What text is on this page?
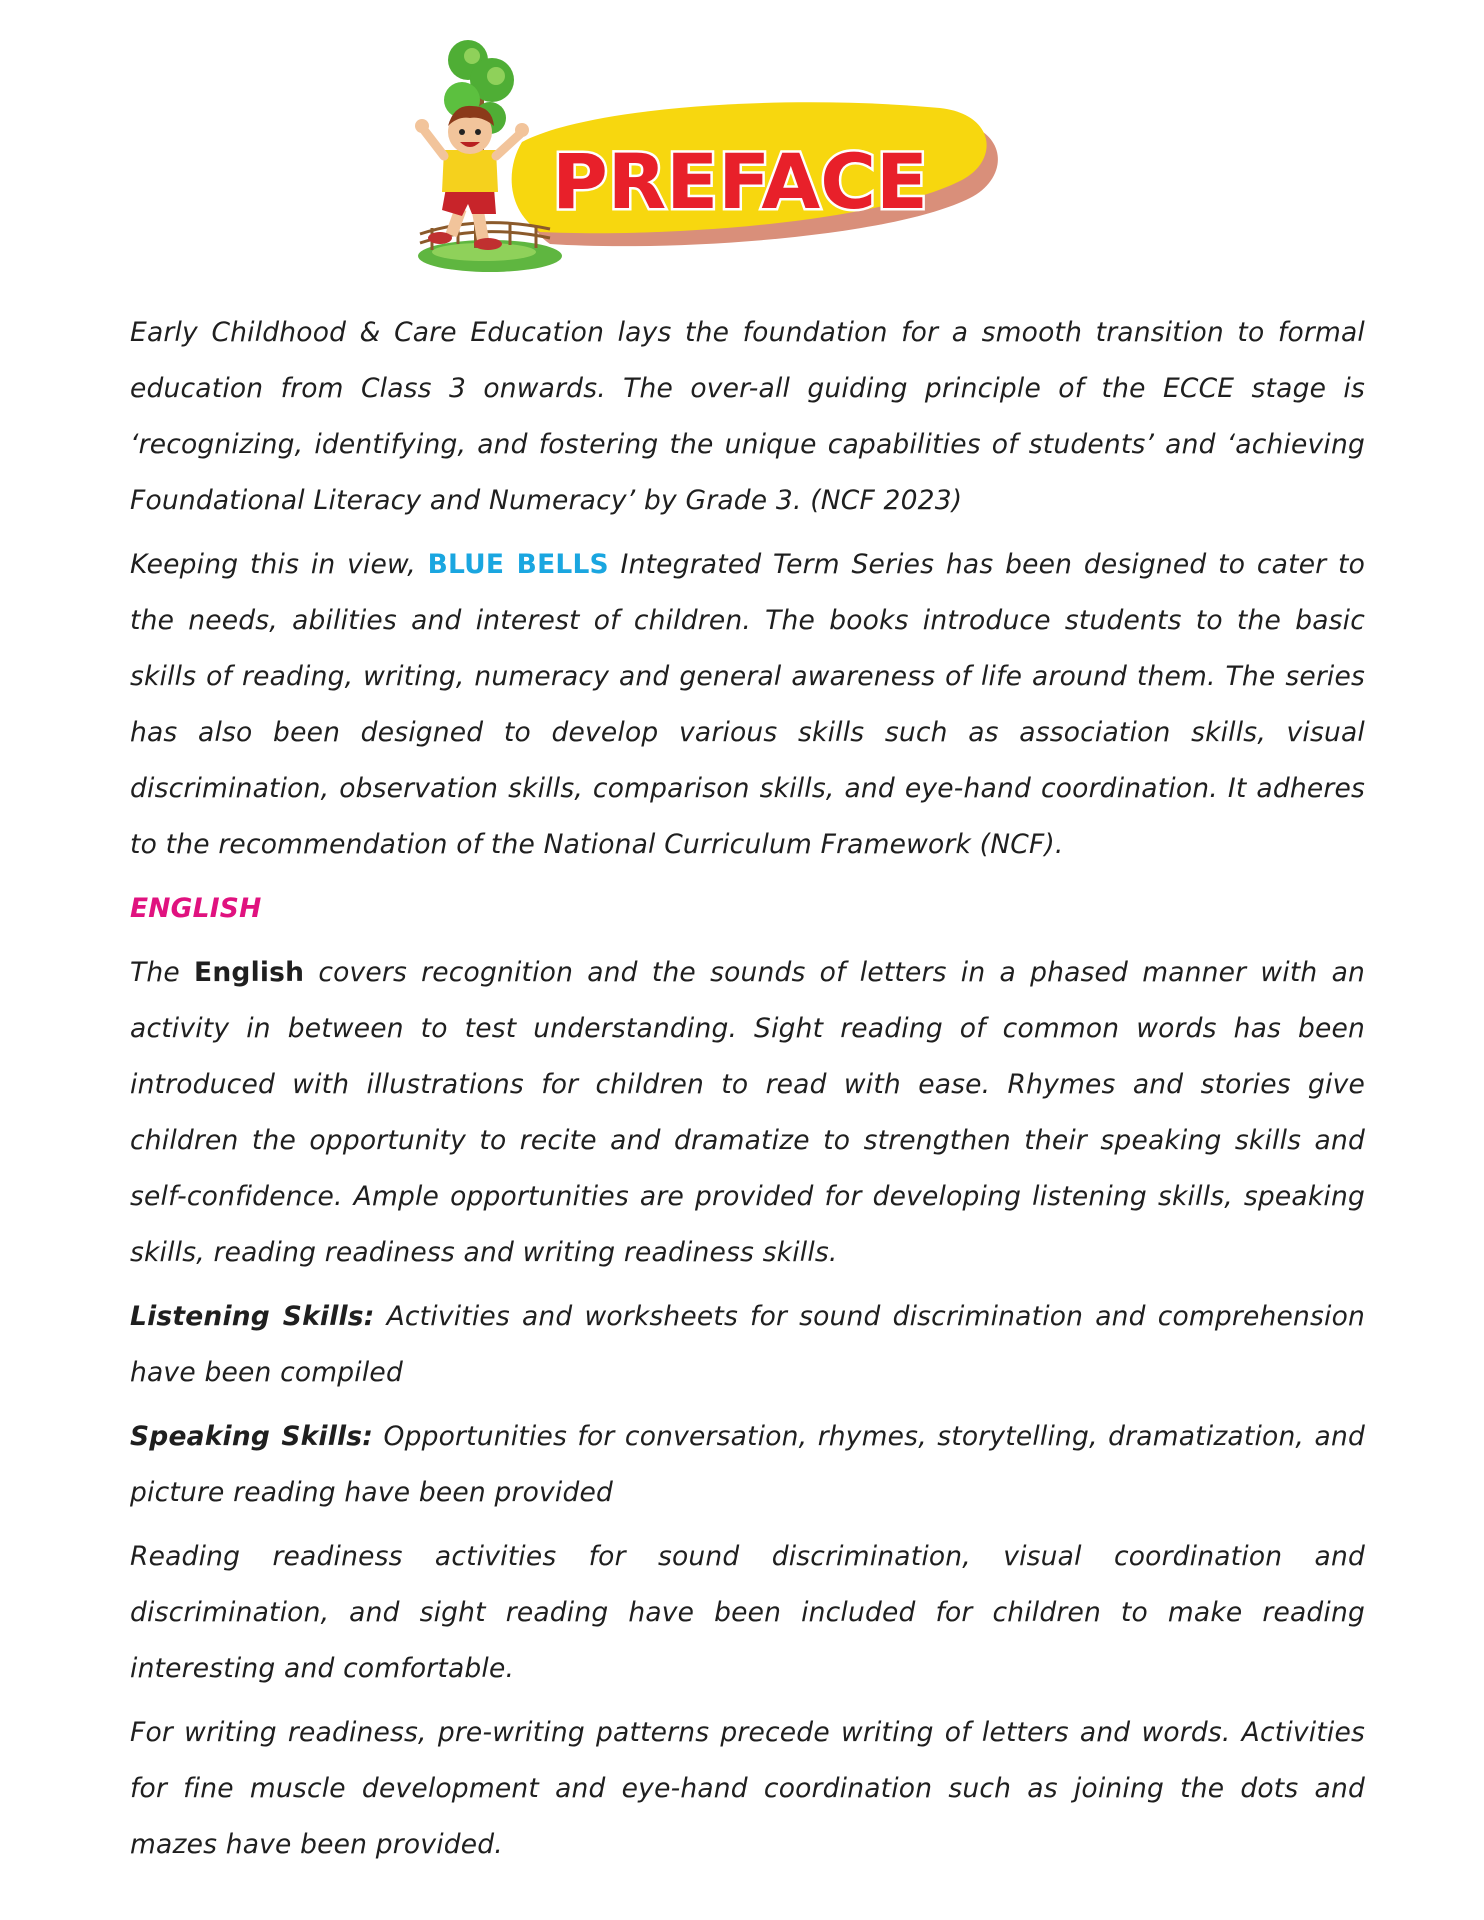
PREFACE

Early Childhood & Care Education lays the foundation for a smooth transition to formal education from Class 3 onwards. The over-all guiding principle of the ECCE stage is ‘recognizing, identifying, and fostering the unique capabilities of students’ and ‘achieving Foundational Literacy and Numeracy’ by Grade 3. (NCF 2023)

Keeping this in view, BLUE BELLS Integrated Term Series has been designed to cater to the needs, abilities and interest of children. The books introduce students to the basic skills of reading, writing, numeracy and general awareness of life around them. The series has also been designed to develop various skills such as association skills, visual discrimination, observation skills, comparison skills, and eye-hand coordination. It adheres to the recommendation of the National Curriculum Framework (NCF).

ENGLISH

The English covers recognition and the sounds of letters in a phased manner with an activity in between to test understanding. Sight reading of common words has been introduced with illustrations for children to read with ease. Rhymes and stories give children the opportunity to recite and dramatize to strengthen their speaking skills and self-confidence. Ample opportunities are provided for developing listening skills, speaking skills, reading readiness and writing readiness skills.

Listening Skills: Activities and worksheets for sound discrimination and comprehension have been compiled

Speaking Skills: Opportunities for conversation, rhymes, storytelling, dramatization, and picture reading have been provided

Reading readiness activities for sound discrimination, visual coordination and discrimination, and sight reading have been included for children to make reading interesting and comfortable.

For writing readiness, pre-writing patterns precede writing of letters and words. Activities for fine muscle development and eye-hand coordination such as joining the dots and mazes have been provided.
